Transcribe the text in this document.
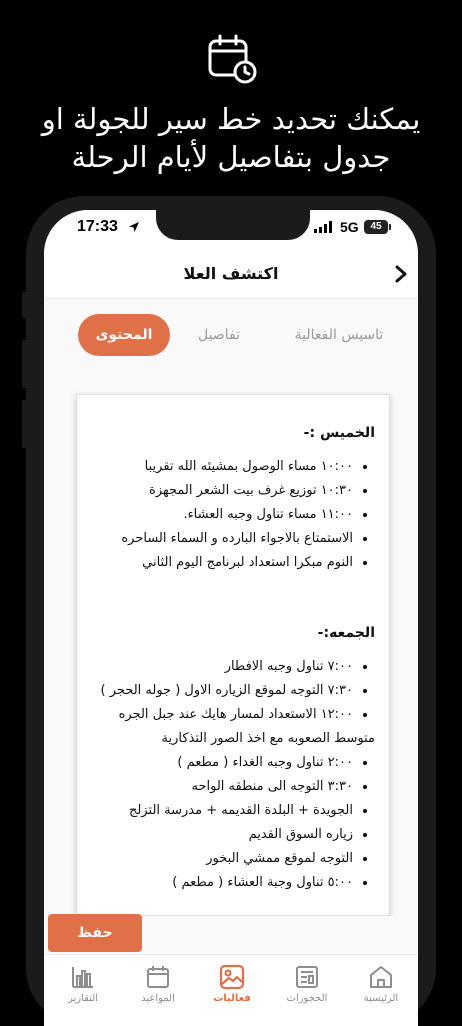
يمكنك تحديد خط سير للجولة او
جدول بتفاصيل لأيام الرحلة
17:33	5G	45
اكتشف العلا
تاسيس الفعالية
تفاصيل
المحتوى
الخميس :-
• ١٠:٠٠ مساء الوصول بمشيئه الله تقريبا
• ١٠:٣٠ توزيع غرف بيت الشعر المجهزة
• ١١:٠٠ مساء تناول وجبه العشاء.
• الاستمتاع بالاجواء البارده و السماء الساحره
• النوم مبكرا استعداد لبرنامج اليوم الثاني
الجمعه:-
• ٧:٠٠ تناول وجبه الافطار
• ٧:٣٠ التوجه لموقع الزياره الاول ( جوله الحجر )
• ١٢:٠٠ الاستعداد لمسار هايك عند جبل الجره
متوسط الصعوبه مع اخذ الصور التذكارية
• ٢:٠٠ تناول وجبه الغداء ( مطعم )
• ٣:٣٠ التوجه الى منطقه الواحه
• الجويدة + البلدة القديمه + مدرسة التزلج
• زياره السوق القديم
• التوجه لموقع ممشي البخور
• ٥:٠٠ تناول وجبة العشاء ( مطعم )
حفظ
الرئيسية
الحجوزات
فعاليات
المواعيد
التقارير
